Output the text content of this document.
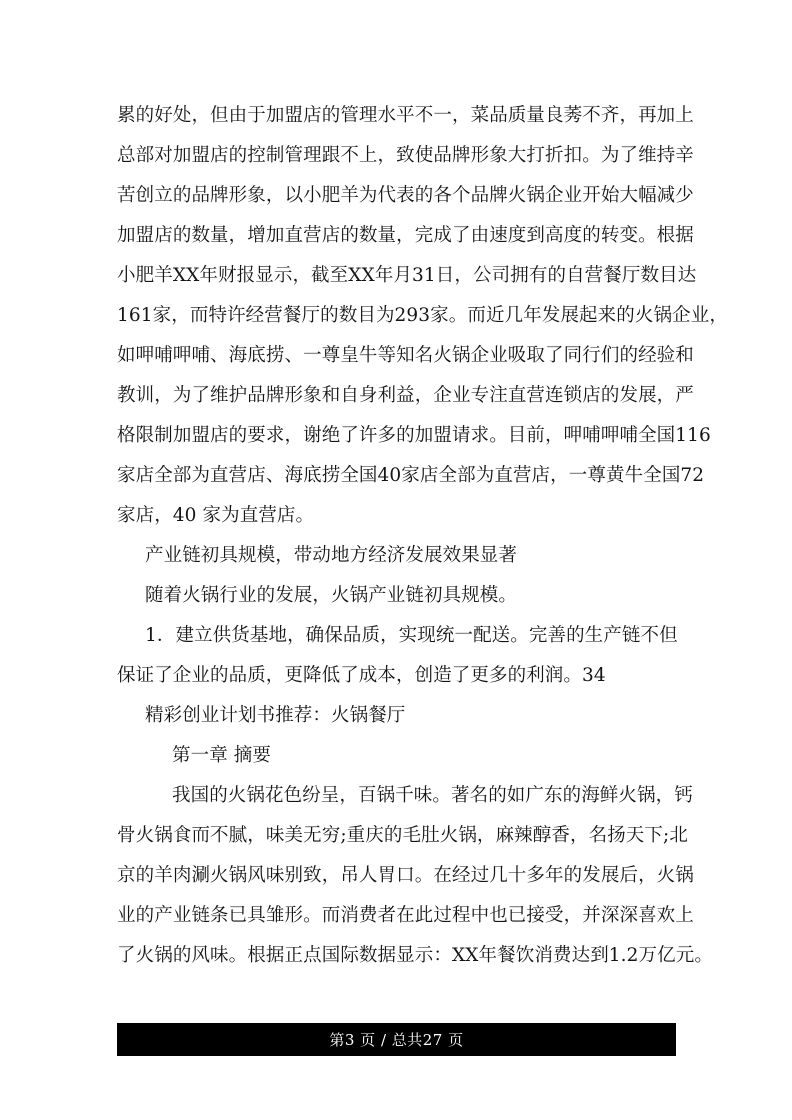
累 的 好 处 ， 但 由 于 加 盟 店 的 管 理 水 平 不 一 ， 菜 品 质 量 良 莠 不 齐 ， 再 加 上
总 部 对 加 盟 店 的 控 制 管 理 跟 不 上 ， 致 使 品 牌 形 象 大 打 折 扣 。 为 了 维 持 辛
苦 创 立 的 品 牌 形 象 ， 以 小 肥 羊 为 代 表 的 各 个 品 牌 火 锅 企 业 开 始 大 幅 减 少
加 盟 店 的 数 量 ， 增 加 直 营 店 的 数 量 ， 完 成 了 由 速 度 到 高 度 的 转 变 。 根 据
小 肥 羊 X X 年 财 报 显 示 ， 截 至 X X 年 月 3 1 日 ， 公 司 拥 有 的 自 营 餐 厅 数 目 达
1 6 1 家 ， 而 特 许 经 营 餐 厅 的 数 目 为 2 9 3 家 。 而 近 几 年 发 展 起 来 的 火 锅 企 业 ，
如 呷 哺 呷 哺 、 海 底 捞 、 一 尊 皇 牛 等 知 名 火 锅 企 业 吸 取 了 同 行 们 的 经 验 和
教 训 ， 为 了 维 护 品 牌 形 象 和 自 身 利 益 ， 企 业 专 注 直 营 连 锁 店 的 发 展 ， 严
格 限 制 加 盟 店 的 要 求 ， 谢 绝 了 许 多 的 加 盟 请 求 。 目 前 ， 呷 哺 呷 哺 全 国 1 1 6
家 店 全 部 为 直 营 店 、 海 底 捞 全 国 4 0 家 店 全 部 为 直 营 店 ， 一 尊 黄 牛 全 国 7 2
家店，40 家为直营店。
产业链初具规模，带动地方经济发展效果显著
随着火锅行业的发展，火锅产业链初具规模。
1．建立供货基地，确保品质，实现统一配送。完善的生产链不但
保证了企业的品质，更降低了成本，创造了更多的利润。34
精彩创业计划书推荐：火锅餐厅
第一章 摘要
我国的火锅花色纷呈，百锅千味。著名的如广东的海鲜火锅，钙
骨 火 锅 食 而 不 腻 ， 味 美 无 穷 ; 重 庆 的 毛 肚 火 锅 ， 麻 辣 醇 香 ， 名 扬 天 下 ; 北
京 的 羊 肉 涮 火 锅 风 味 别 致 ， 吊 人 胃 口 。 在 经 过 几 十 多 年 的 发 展 后 ， 火 锅
业 的 产 业 链 条 已 具 雏 形 。 而 消 费 者 在 此 过 程 中 也 已 接 受 ， 并 深 深 喜 欢 上
了 火 锅 的 风 味 。 根 据 正 点 国 际 数 据 显 示 ： X X 年 餐 饮 消 费 达 到 1 . 2 万 亿 元 。
第3 页 / 总共27 页
